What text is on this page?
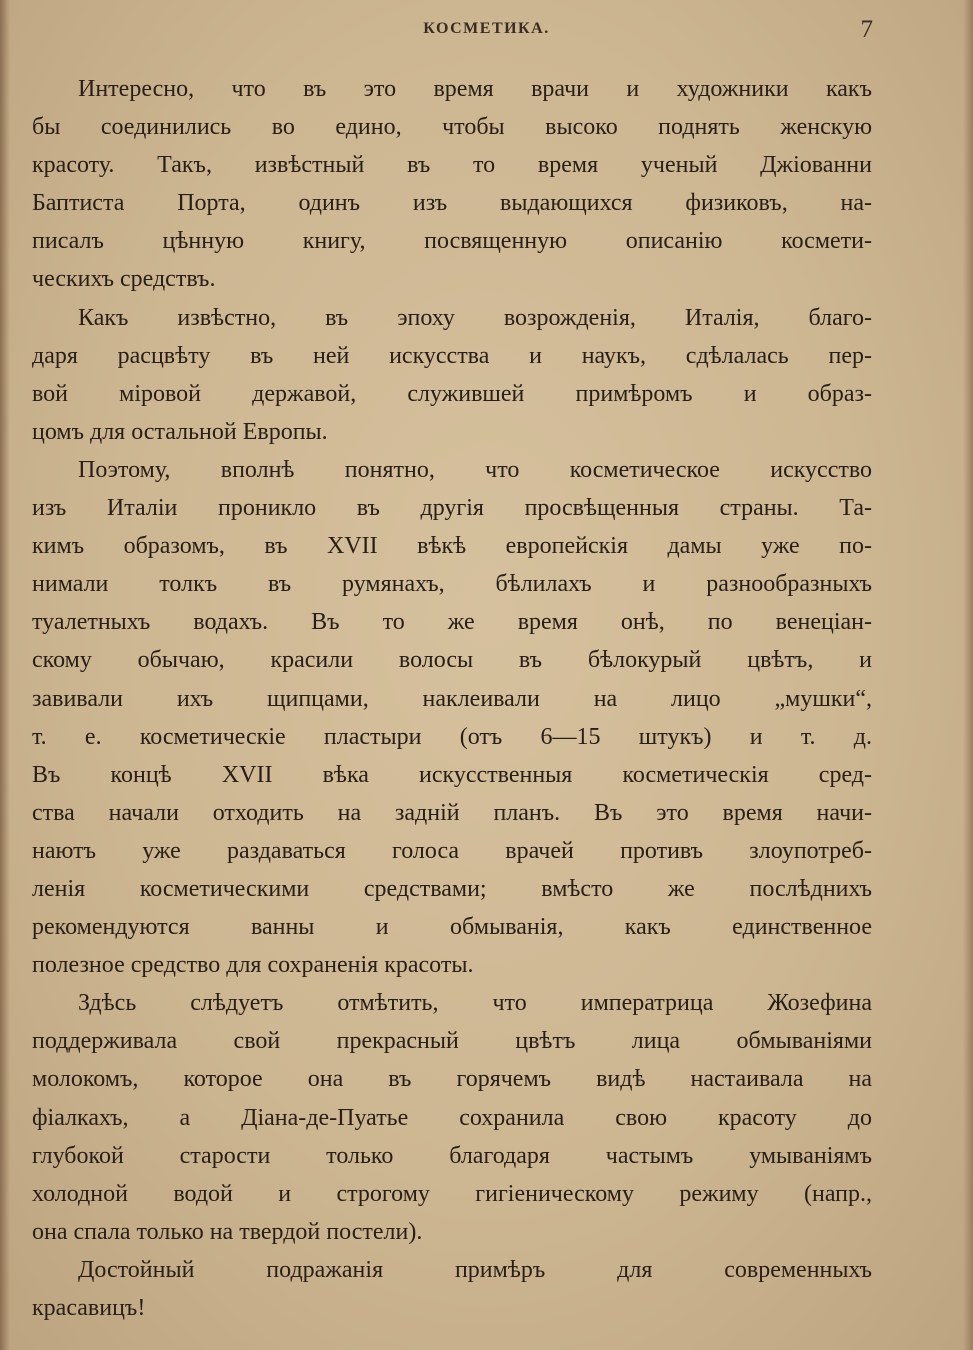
КОСМЕТИКА.	7
Интересно, что въ это время врачи и художники какъ
бы соединились во едино, чтобы высоко поднять женскую
красоту. Такъ, извѣстный въ то время ученый Джіованни
Баптиста Порта, одинъ изъ выдающихся физиковъ, на-
писалъ цѣнную книгу, посвященную описанію космети-
ческихъ средствъ.
Какъ извѣстно, въ эпоху возрожденія, Италія, благо-
даря расцвѣту въ ней искусства и наукъ, сдѣлалась пер-
вой міровой державой, служившей примѣромъ и образ-
цомъ для остальной Европы.
Поэтому, вполнѣ понятно, что косметическое искусство
изъ Италіи проникло въ другія просвѣщенныя страны. Та-
кимъ образомъ, въ XVII вѣкѣ европейскія дамы уже по-
нимали толкъ въ румянахъ, бѣлилахъ и разнообразныхъ
туалетныхъ водахъ. Въ то же время онѣ, по венеціан-
скому обычаю, красили волосы въ бѣлокурый цвѣтъ, и
завивали ихъ щипцами, наклеивали на лицо „мушки“,
т. е. косметическіе пластыри (отъ 6—15 штукъ) и т. д.
Въ концѣ XVII вѣка искусственныя косметическія сред-
ства начали отходить на задній планъ. Въ это время начи-
наютъ уже раздаваться голоса врачей противъ злоупотреб-
ленія косметическими средствами; вмѣсто же послѣднихъ
рекомендуются ванны и обмыванія, какъ единственное
полезное средство для сохраненія красоты.
Здѣсь слѣдуетъ отмѣтить, что императрица Жозефина
поддерживала свой прекрасный цвѣтъ лица обмываніями
молокомъ, которое она въ горячемъ видѣ настаивала на
фіалкахъ, а Діана-де-Пуатье сохранила свою красоту до
глубокой старости только благодаря частымъ умываніямъ
холодной водой и строгому гигіеническому режиму (напр.,
она спала только на твердой постели).
Достойный подражанія примѣръ для современныхъ
красавицъ!
